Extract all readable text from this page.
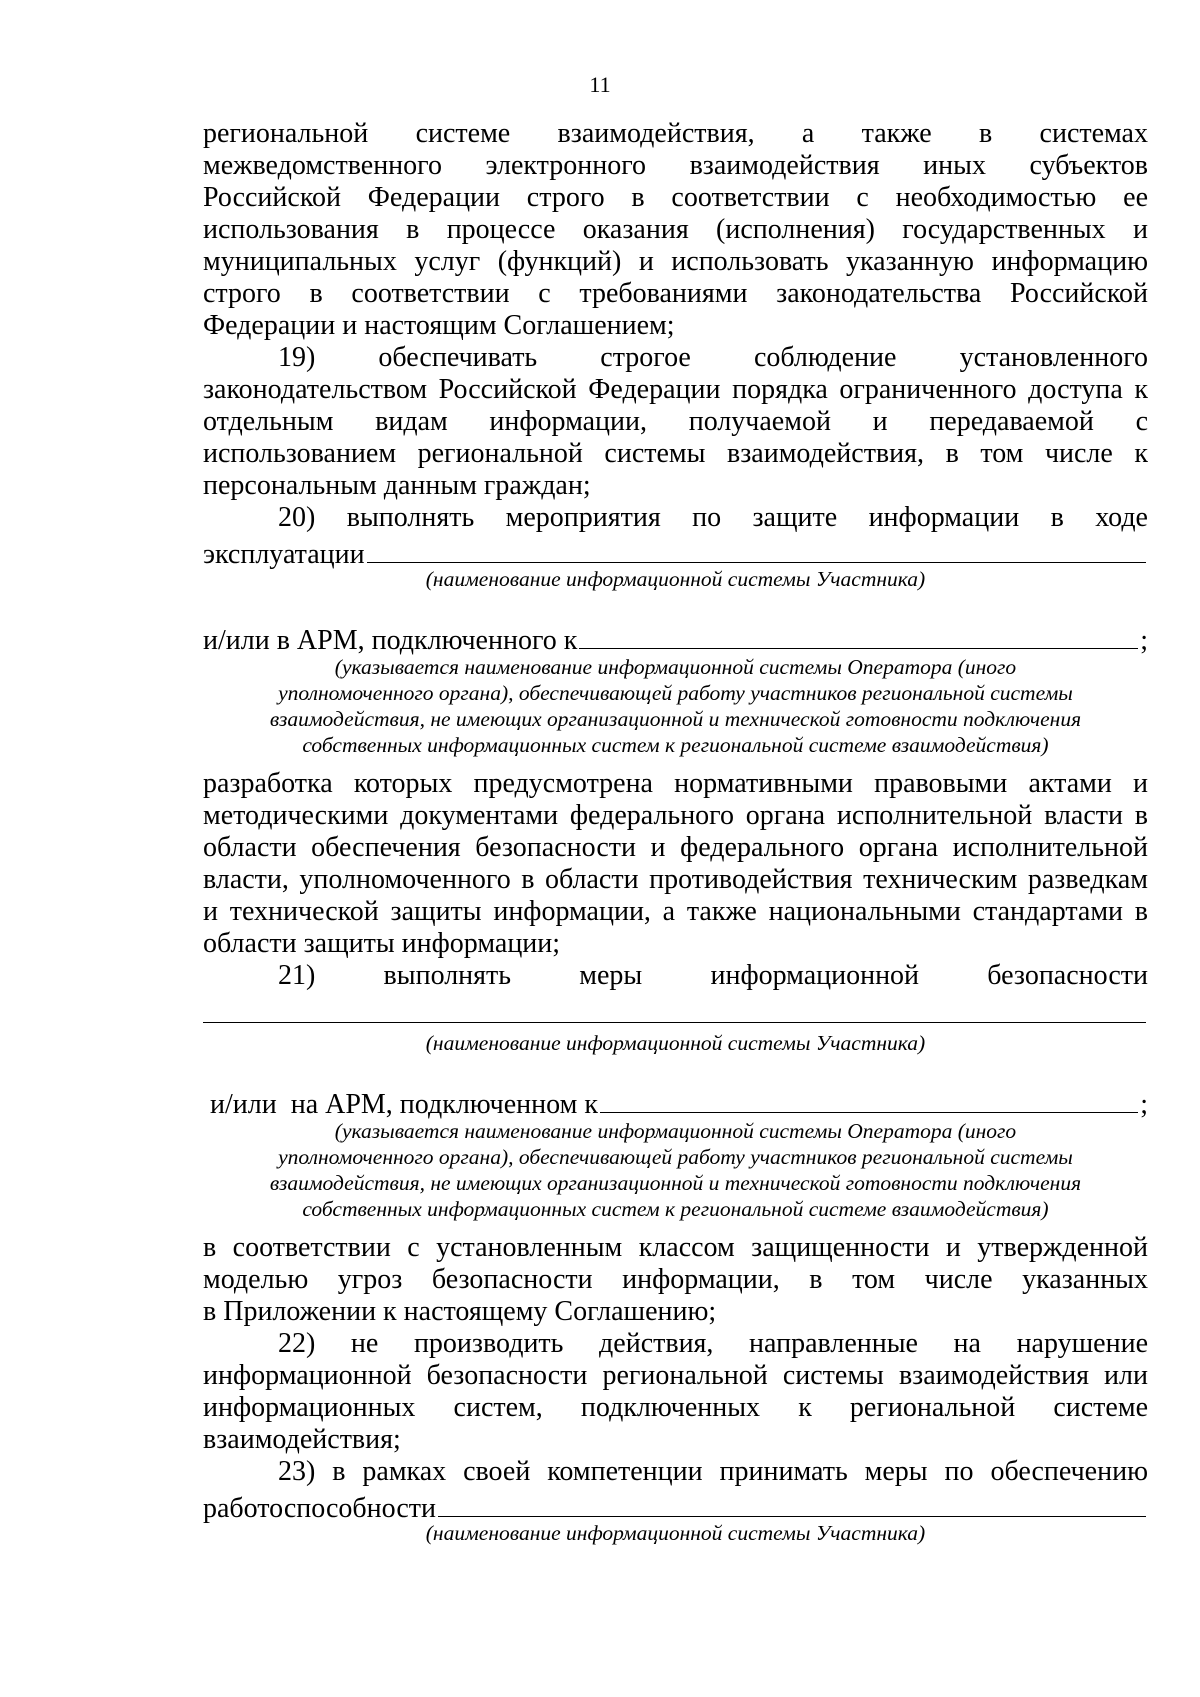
11
региональной системе взаимодействия, а также в системах
межведомственного электронного взаимодействия иных субъектов
Российской Федерации строго в соответствии с необходимостью ее
использования в процессе оказания (исполнения) государственных и
муниципальных услуг (функций) и использовать указанную информацию
строго в соответствии с требованиями законодательства Российской
Федерации и настоящим Соглашением;
19) обеспечивать строгое соблюдение установленного
законодательством Российской Федерации порядка ограниченного доступа к
отдельным видам информации, получаемой и передаваемой с
использованием региональной системы взаимодействия, в том числе к
персональным данным граждан;
20) выполнять мероприятия по защите информации в ходе
эксплуатации
(наименование информационной системы Участника)
и/или в АРМ, подключенного к	;
(указывается наименование информационной системы Оператора (иного
уполномоченного органа), обеспечивающей работу участников региональной системы
взаимодействия, не имеющих организационной и технической готовности подключения
собственных информационных систем к региональной системе взаимодействия)
разработка которых предусмотрена нормативными правовыми актами и
методическими документами федерального органа исполнительной власти в
области обеспечения безопасности и федерального органа исполнительной
власти, уполномоченного в области противодействия техническим разведкам
и технической защиты информации, а также национальными стандартами в
области защиты информации;
21) выполнять меры информационной безопасности
(наименование информационной системы Участника)
и/или  на АРМ, подключенном к	;
(указывается наименование информационной системы Оператора (иного
уполномоченного органа), обеспечивающей работу участников региональной системы
взаимодействия, не имеющих организационной и технической готовности подключения
собственных информационных систем к региональной системе взаимодействия)
в соответствии с установленным классом защищенности и утвержденной
моделью угроз безопасности информации, в том числе указанных
в Приложении к настоящему Соглашению;
22) не производить действия, направленные на нарушение
информационной безопасности региональной системы взаимодействия или
информационных систем, подключенных к региональной системе
взаимодействия;
23) в рамках своей компетенции принимать меры по обеспечению
работоспособности
(наименование информационной системы Участника)
